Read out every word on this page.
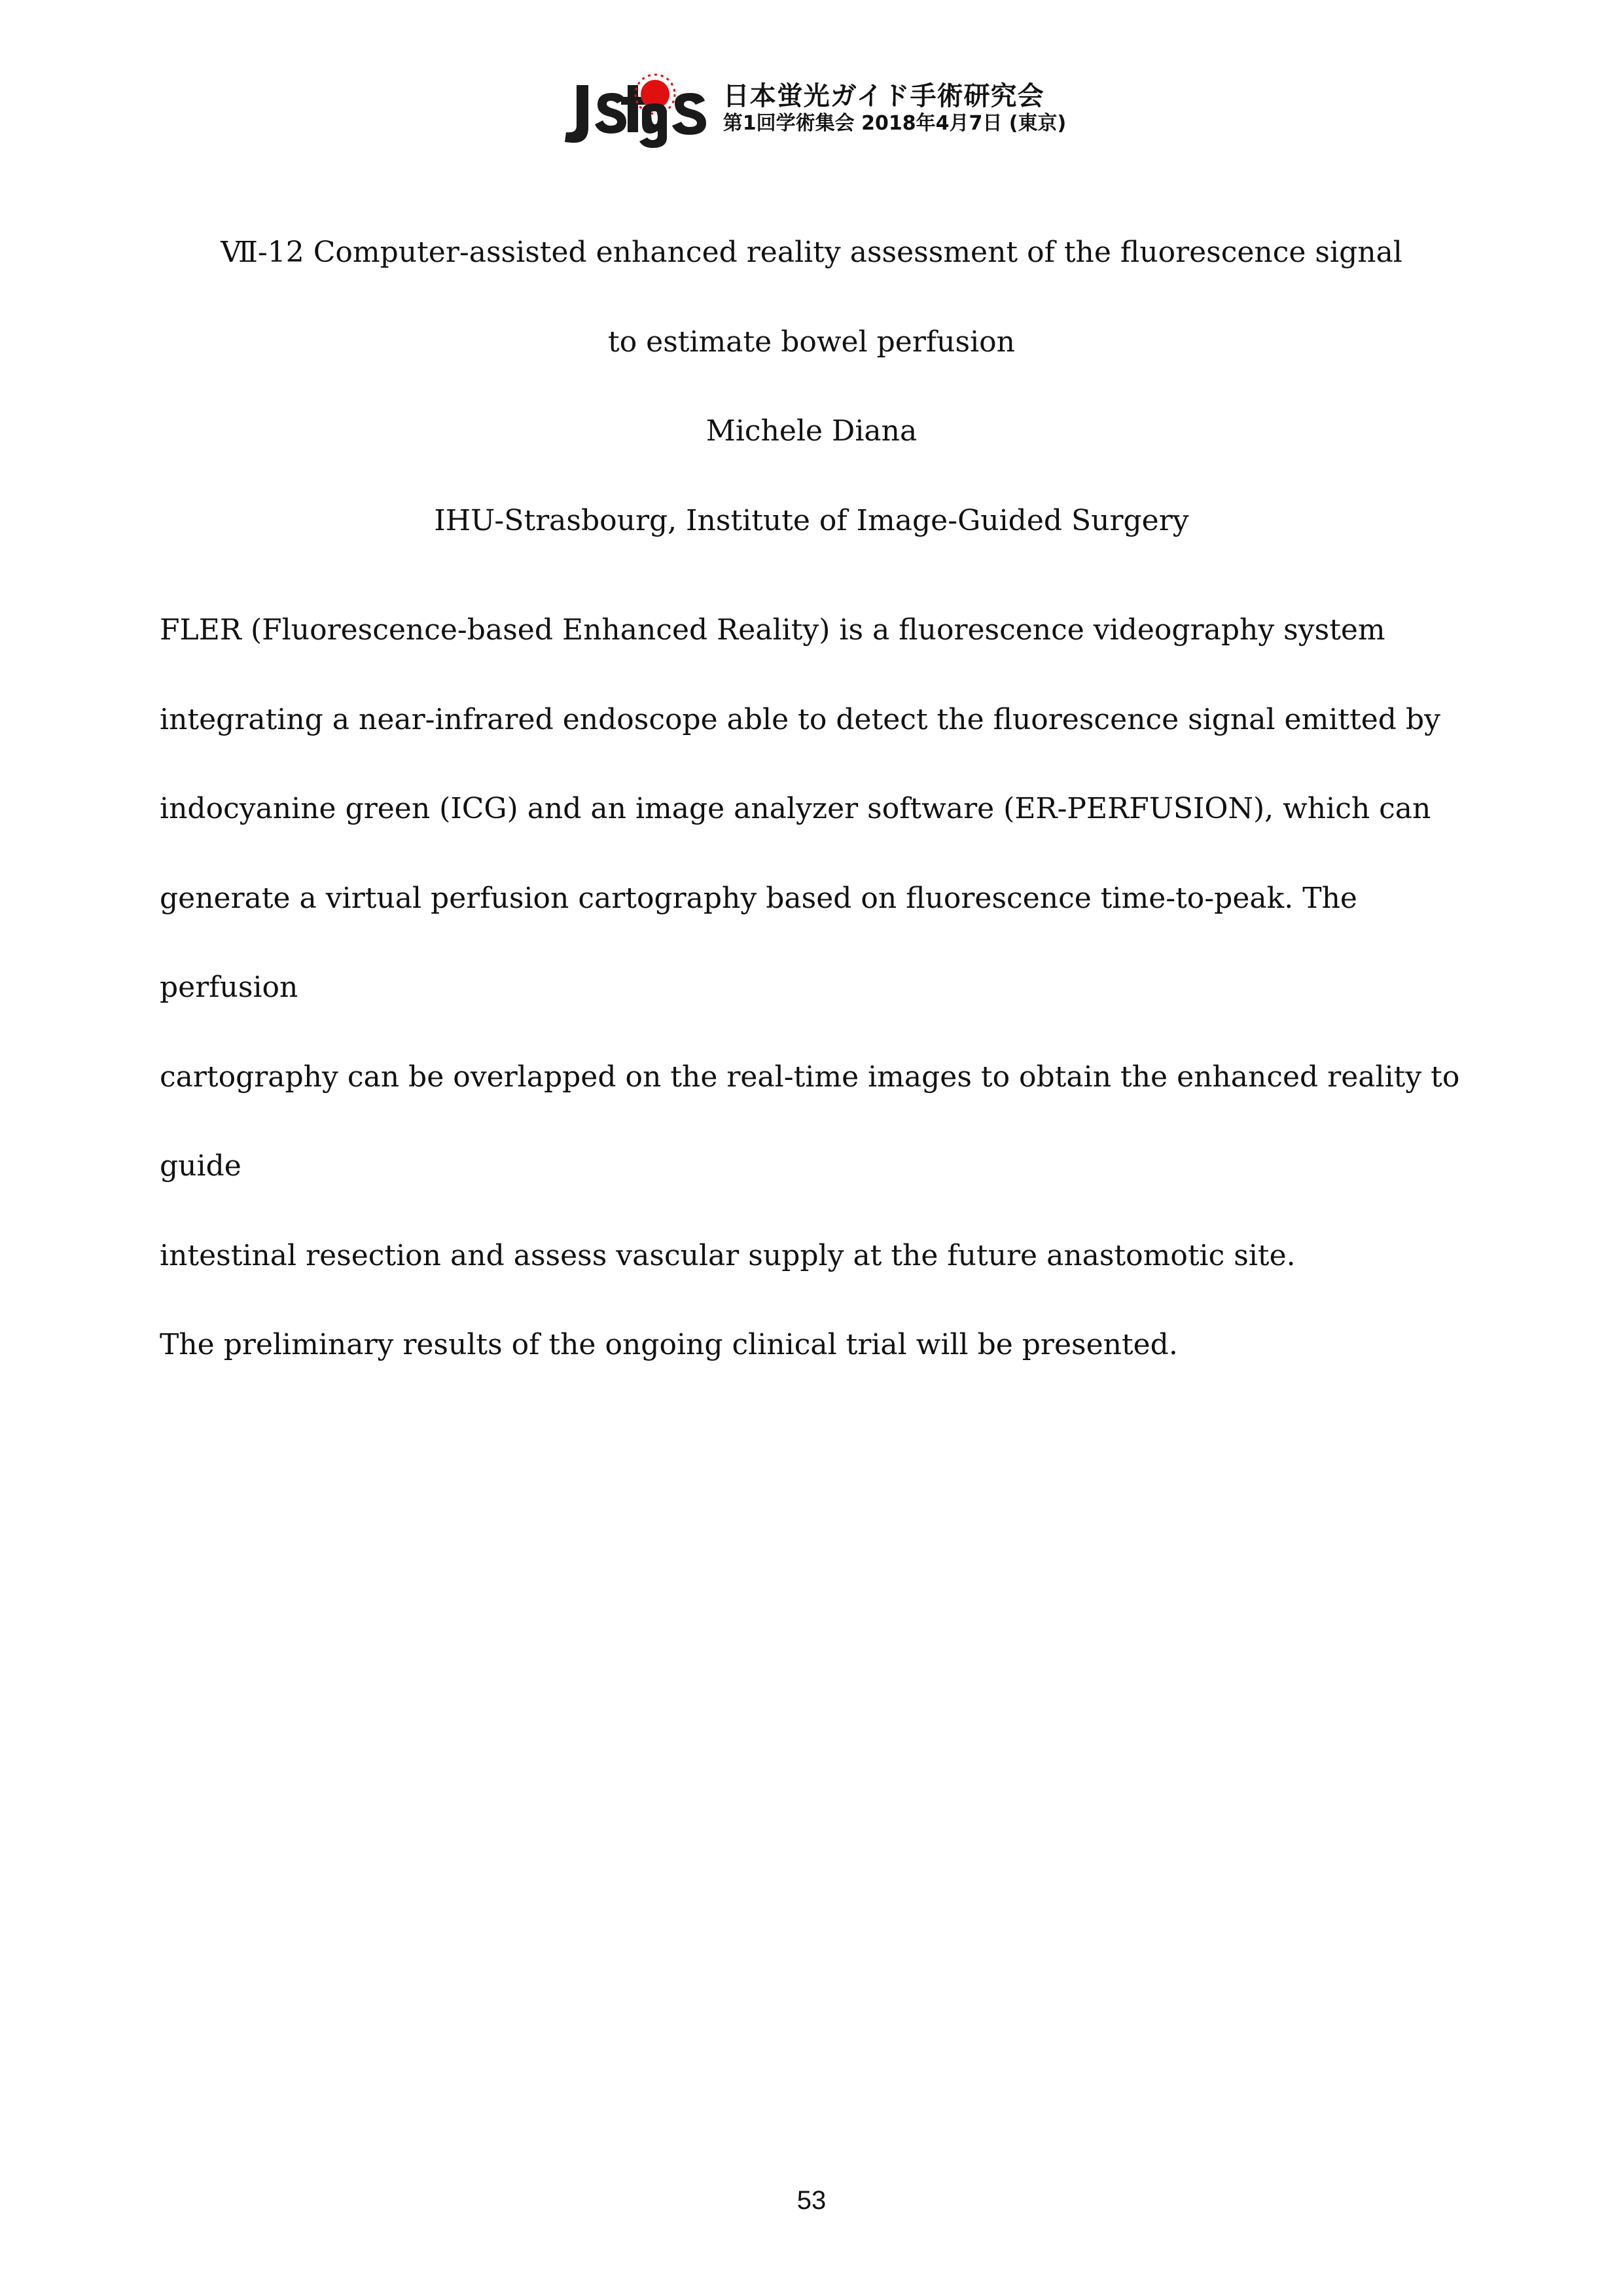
日本蛍光ガイド手術研究会
第1回学術集会 2018年4月7日 (東京)
Ⅶ-12 Computer-assisted enhanced reality assessment of the fluorescence signal
to estimate bowel perfusion
Michele Diana
IHU-Strasbourg, Institute of Image-Guided Surgery

FLER (Fluorescence-based Enhanced Reality) is a fluorescence videography system
integrating a near-infrared endoscope able to detect the fluorescence signal emitted by
indocyanine green (ICG) and an image analyzer software (ER-PERFUSION), which can
generate a virtual perfusion cartography based on fluorescence time-to-peak. The perfusion
cartography can be overlapped on the real-time images to obtain the enhanced reality to guide
intestinal resection and assess vascular supply at the future anastomotic site.

The preliminary results of the ongoing clinical trial will be presented.

53
